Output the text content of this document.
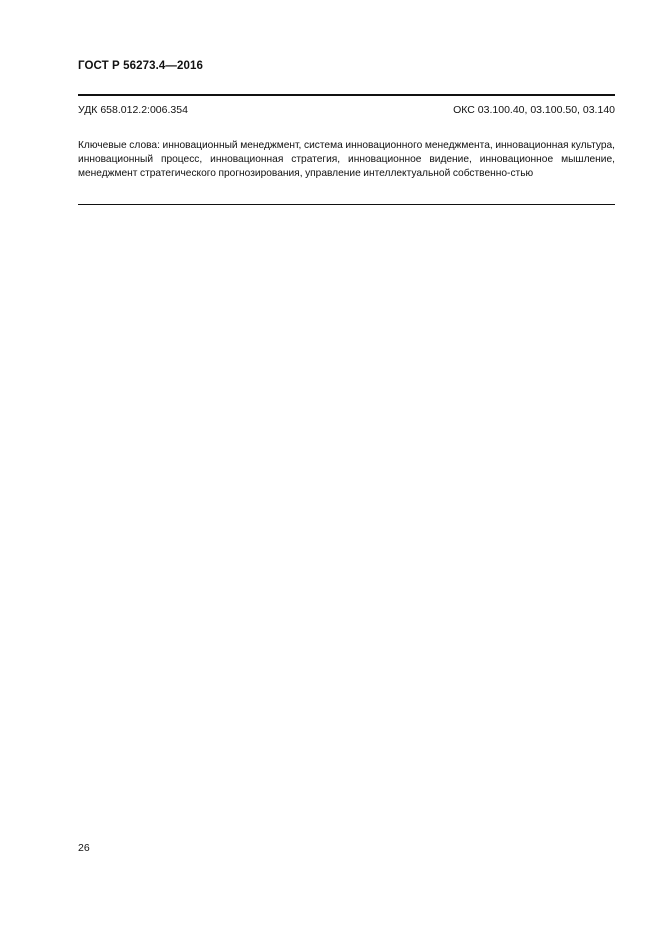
ГОСТ Р 56273.4—2016
УДК 658.012.2:006.354	ОКС 03.100.40, 03.100.50, 03.140
Ключевые слова: инновационный менеджмент, система инновационного менеджмента, инновационная культура, инновационный процесс, инновационная стратегия, инновационное видение, инновационное мышление, менеджмент стратегического прогнозирования, управление интеллектуальной собственно-стью
26
